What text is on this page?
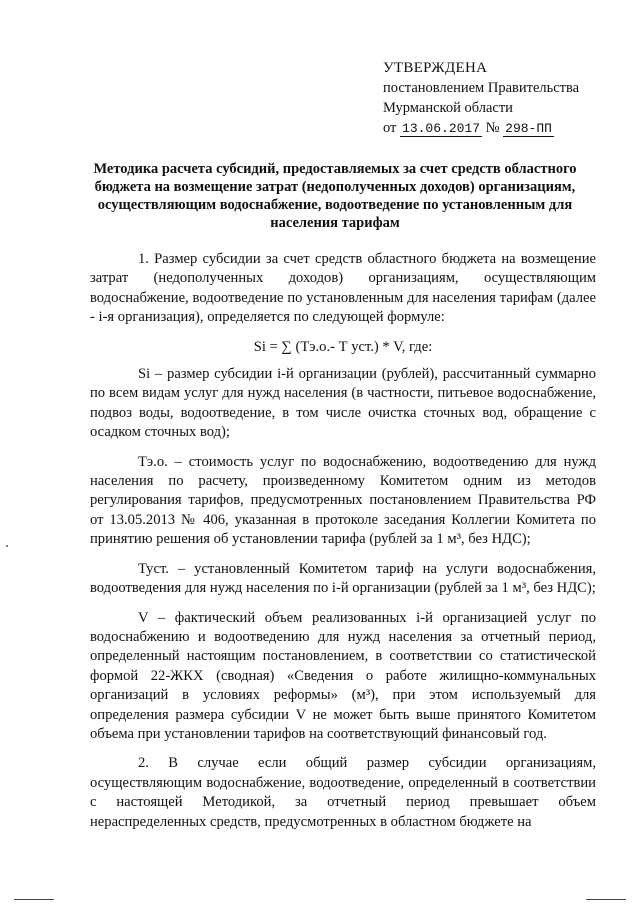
УТВЕРЖДЕНА
постановлением Правительства
Мурманской области
от 13.06.2017 № 298-ПП
Методика расчета субсидий, предоставляемых за счет средств областного бюджета на возмещение затрат (недополученных доходов) организациям, осуществляющим водоснабжение, водоотведение по установленным для населения тарифам

1. Размер субсидии за счет средств областного бюджета на возмещение затрат (недополученных доходов) организациям, осуществляющим водоснабжение, водоотведение по установленным для населения тарифам (далее - i-я организация), определяется по следующей формуле:

Si = ∑ (Тэ.о.- Т уст.) * V, где:

Si – размер субсидии i-й организации (рублей), рассчитанный суммарно по всем видам услуг для нужд населения (в частности, питьевое водоснабжение, подвоз воды, водоотведение, в том числе очистка сточных вод, обращение с осадком сточных вод);

Тэ.о. – стоимость услуг по водоснабжению, водоотведению для нужд населения по расчету, произведенному Комитетом одним из методов регулирования тарифов, предусмотренных постановлением Правительства РФ от 13.05.2013 № 406, указанная в протоколе заседания Коллегии Комитета по принятию решения об установлении тарифа (рублей за 1 м³, без НДС);

Туст. – установленный Комитетом тариф на услуги водоснабжения, водоотведения для нужд населения по i-й организации (рублей за 1 м³, без НДС);

V – фактический объем реализованных i-й организацией услуг по водоснабжению и водоотведению для нужд населения за отчетный период, определенный настоящим постановлением, в соответствии со статистической формой 22-ЖКХ (сводная) «Сведения о работе жилищно-коммунальных организаций в условиях реформы» (м³), при этом используемый для определения размера субсидии V не может быть выше принятого Комитетом объема при установлении тарифов на соответствующий финансовый год.

2. В случае если общий размер субсидии организациям, осуществляющим водоснабжение, водоотведение, определенный в соответствии с настоящей Методикой, за отчетный период превышает объем нераспределенных средств, предусмотренных в областном бюджете на
